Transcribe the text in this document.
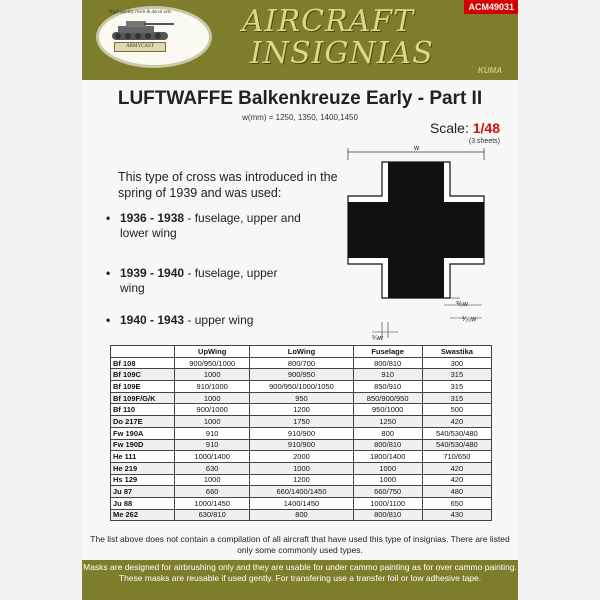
High quality resin & decal sets
ARMYCAST
AIRCRAFT
INSIGNIAS
ACM49031
KUMA
LUFTWAFFE Balkenkreuze Early - Part II
w(mm) = 1250, 1350, 1400,1450
Scale: 1/48
(3 sheets)
This type of cross was introduced in the spring of 1939 and was used:
• 1936 - 1938 - fuselage, upper and lower wing
• 1939 - 1940 - fuselage, upper wing
• 1940 - 1943 - upper wing
w
⅗w
¹⁄₂₀w
¼w
	UpWing	LoWing	Fuselage	Swastika
Bf 108	900/950/1000	800/700	800/810	300
Bf 109C	1000	900/950	910	315
Bf 109E	910/1000	900/950/1000/1050	850/910	315
Bf 109F/G/K	1000	950	850/900/950	315
Bf 110	900/1000	1200	950/1000	500
Do 217E	1000	1750	1250	420
Fw 190A	910	910/900	800	540/530/480
Fw 190D	910	910/900	800/810	540/530/480
He 111	1000/1400	2000	1800/1400	710/650
He 219	630	1000	1000	420
Hs 129	1000	1200	1000	420
Ju 87	660	660/1400/1450	660/750	480
Ju 88	1000/1450	1400/1450	1000/1100	650
Me 262	630/810	800	800/810	430
The list above does not contain a compilation of all aircraft that have used this type of insignias. There are listed only some commonly used types.
Masks are designed for airbrushing only and they are usable for under cammo painting as for over cammo painting. These masks are reusable if used gently. For transfering use a transfer foil or low adhesive tape.
